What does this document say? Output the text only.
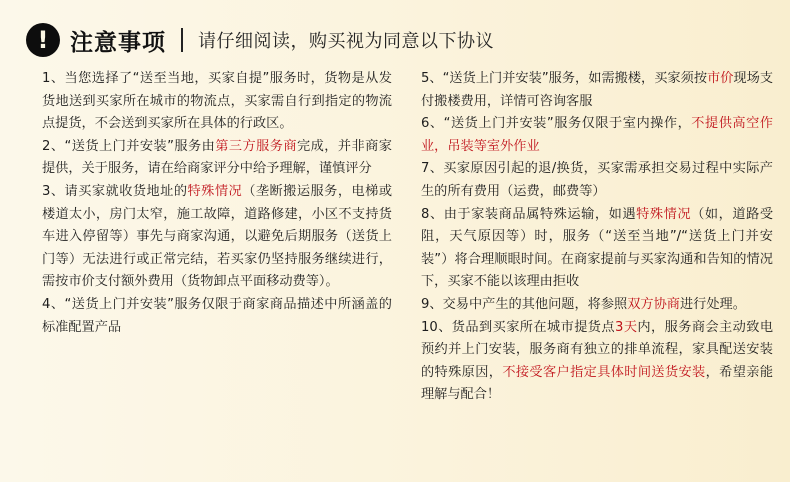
! 注意事项 请仔细阅读，购买视为同意以下协议

1、当您选择了“送至当地，买家自提”服务时，货物是从发货地送到买家所在城市的物流点，买家需自行到指定的物流点提货，不会送到买家所在具体的行政区。

2、“送货上门并安装”服务由第三方服务商完成，并非商家提供，关于服务，请在给商家评分中给予理解，谨慎评分

3、请买家就收货地址的特殊情况（垄断搬运服务，电梯或楼道太小，房门太窄，施工故障，道路修建，小区不支持货车进入停留等）事先与商家沟通，以避免后期服务（送货上门等）无法进行或正常完结，若买家仍坚持服务继续进行，需按市价支付额外费用（货物卸点平面移动费等）。

4、“送货上门并安装”服务仅限于商家商品描述中所涵盖的标准配置产品

5、“送货上门并安装”服务，如需搬楼，买家须按市价现场支付搬楼费用，详情可咨询客服

6、“送货上门并安装”服务仅限于室内操作，不提供高空作业，吊装等室外作业

7、买家原因引起的退/换货，买家需承担交易过程中实际产生的所有费用（运费，邮费等）

8、由于家装商品属特殊运输，如遇特殊情况（如，道路受阻，天气原因等）时，服务（“送至当地”/“送货上门并安装”）将合理顺眼时间。在商家提前与买家沟通和告知的情况下，买家不能以该理由拒收

9、交易中产生的其他问题，将参照双方协商进行处理。

10、货品到买家所在城市提货点3天内，服务商会主动致电预约并上门安装，服务商有独立的排单流程，家具配送安装的特殊原因，不接受客户指定具体时间送货安装，希望亲能理解与配合！
